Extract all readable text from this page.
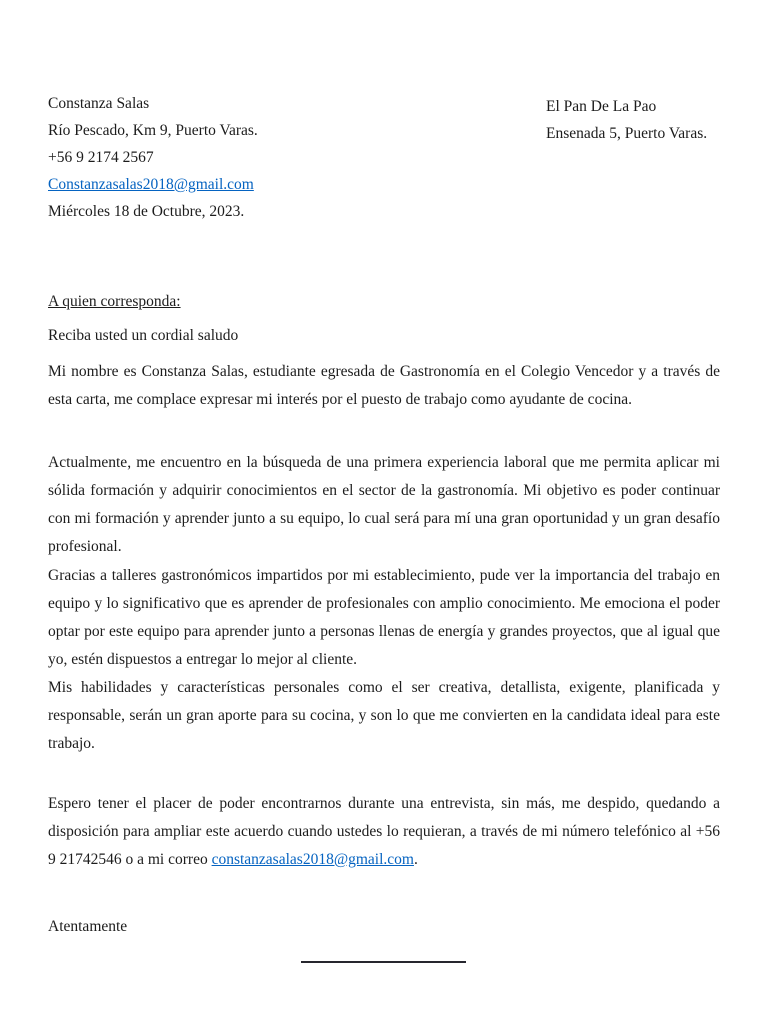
Constanza Salas
Río Pescado, Km 9, Puerto Varas.
+56 9 2174 2567
Constanzasalas2018@gmail.com
Miércoles 18 de Octubre, 2023.
El Pan De La Pao
Ensenada 5, Puerto Varas.
A quien corresponda:
Reciba usted un cordial saludo

Mi nombre es Constanza Salas, estudiante egresada de Gastronomía en el Colegio Vencedor y a través de esta carta, me complace expresar mi interés por el puesto de trabajo como ayudante de cocina.

Actualmente, me encuentro en la búsqueda de una primera experiencia laboral que me permita aplicar mi sólida formación y adquirir conocimientos en el sector de la gastronomía. Mi objetivo es poder continuar con mi formación y aprender junto a su equipo, lo cual será para mí una gran oportunidad y un gran desafío profesional.

Gracias a talleres gastronómicos impartidos por mi establecimiento, pude ver la importancia del trabajo en equipo y lo significativo que es aprender de profesionales con amplio conocimiento. Me emociona el poder optar por este equipo para aprender junto a personas llenas de energía y grandes proyectos, que al igual que yo, estén dispuestos a entregar lo mejor al cliente.

Mis habilidades y características personales como el ser creativa, detallista, exigente, planificada y responsable, serán un gran aporte para su cocina, y son lo que me convierten en la candidata ideal para este trabajo.

Espero tener el placer de poder encontrarnos durante una entrevista, sin más, me despido, quedando a disposición para ampliar este acuerdo cuando ustedes lo requieran, a través de mi número telefónico al +56 9 21742546 o a mi correo constanzasalas2018@gmail.com.

Atentamente
